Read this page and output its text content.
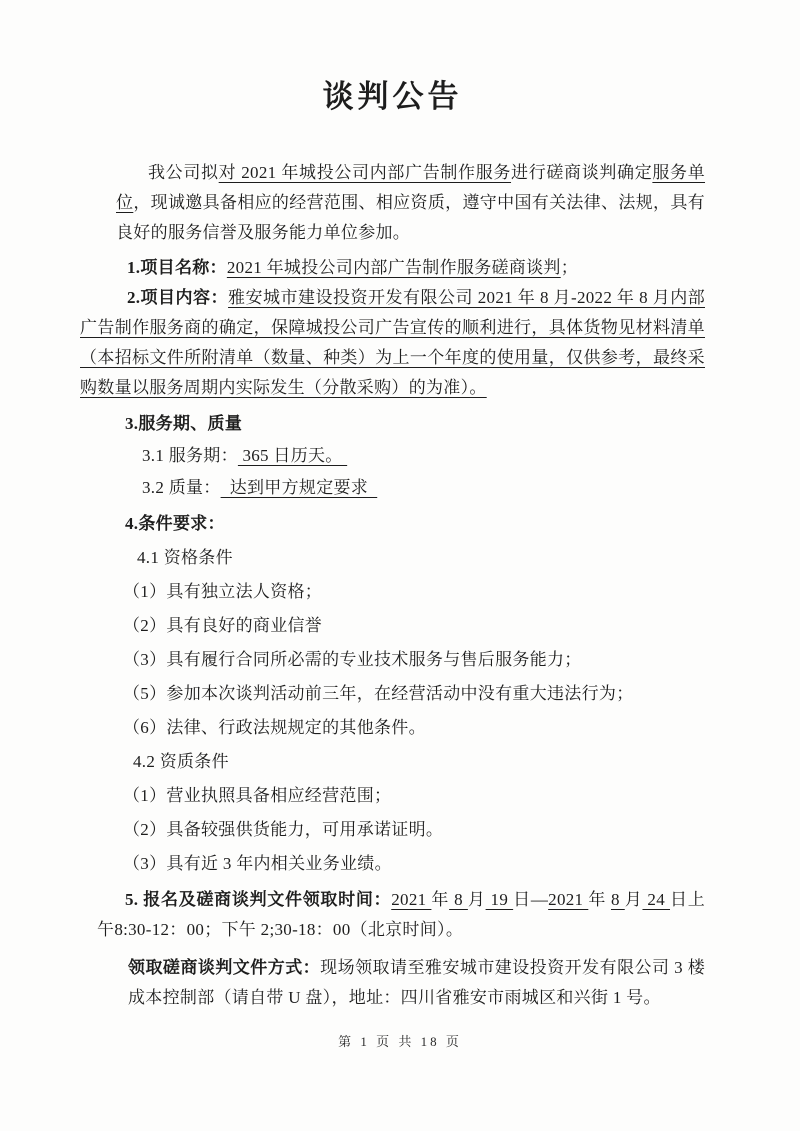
谈判公告

我公司拟对 2021 年城投公司内部广告制作服务进行磋商谈判确定服务单位，现诚邀具备相应的经营范围、相应资质，遵守中国有关法律、法规，具有良好的服务信誉及服务能力单位参加。

1.项目名称：2021 年城投公司内部广告制作服务磋商谈判；

2.项目内容：雅安城市建设投资开发有限公司 2021 年 8 月-2022 年 8 月内部广告制作服务商的确定，保障城投公司广告宣传的顺利进行，具体货物见材料清单（本招标文件所附清单（数量、种类）为上一个年度的使用量，仅供参考，最终采购数量以服务周期内实际发生（分散采购）的为准）。

3.服务期、质量

3.1 服务期： 365 日历天。

3.2 质量：  达到甲方规定要求

4.条件要求：

4.1 资格条件

（1）具有独立法人资格；

（2）具有良好的商业信誉

（3）具有履行合同所必需的专业技术服务与售后服务能力；

（5）参加本次谈判活动前三年，在经营活动中没有重大违法行为；

（6）法律、行政法规规定的其他条件。

4.2 资质条件

（1）营业执照具备相应经营范围；

（2）具备较强供货能力，可用承诺证明。

（3）具有近 3 年内相关业务业绩。

5. 报名及磋商谈判文件领取时间：2021 年 8 月 19 日—2021 年 8 月 24 日上午8:30-12：00；下午 2;30-18：00（北京时间）。

领取磋商谈判文件方式：现场领取请至雅安城市建设投资开发有限公司 3 楼成本控制部（请自带 U 盘），地址：四川省雅安市雨城区和兴街 1 号。

第 1 页 共 18 页
